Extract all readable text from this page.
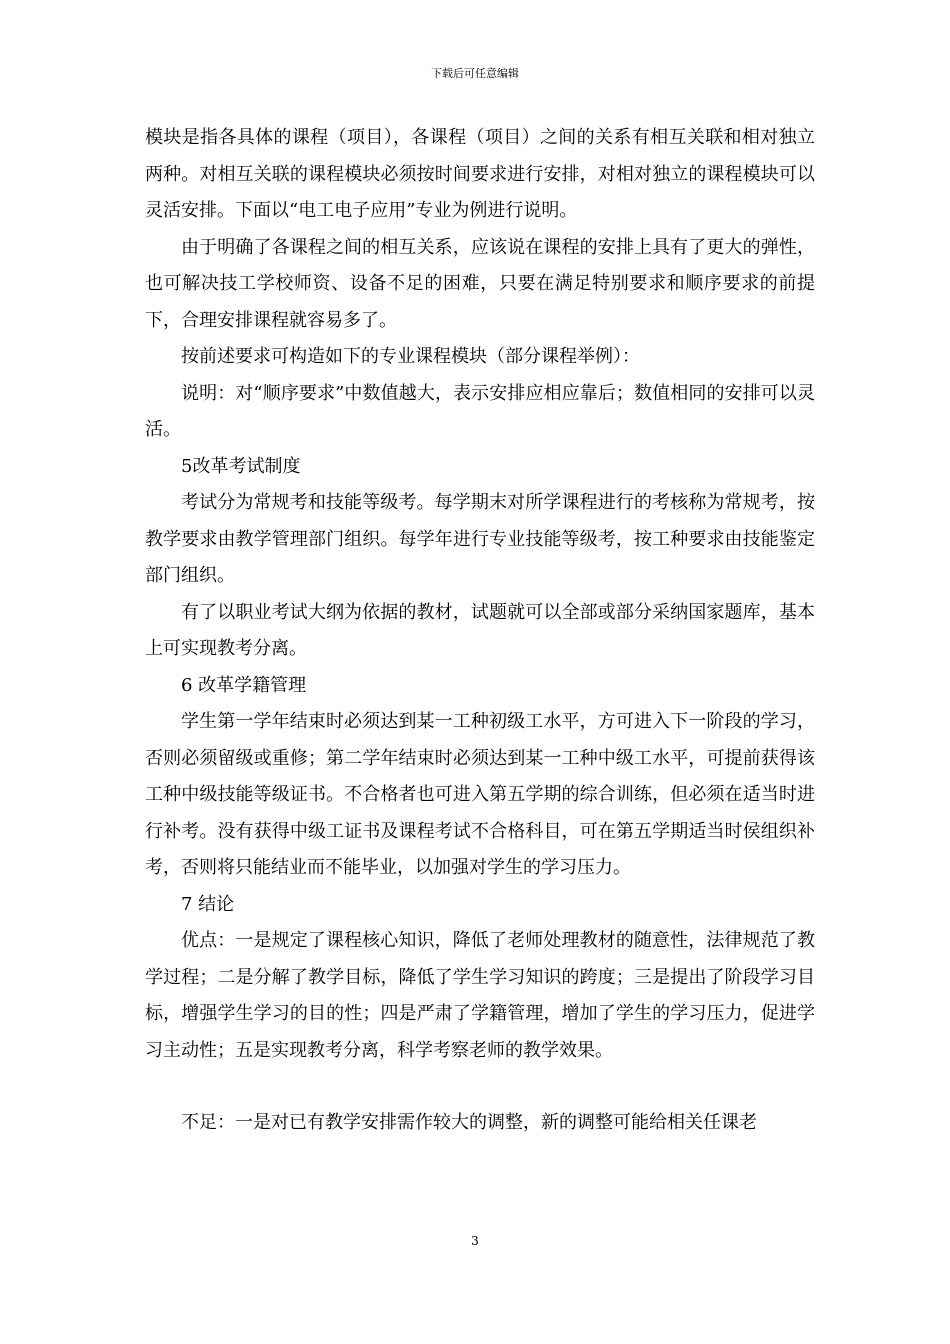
下载后可任意编辑

模块是指各具体的课程（项目），各课程（项目）之间的关系有相互关联和相对独立两种。对相互关联的课程模块必须按时间要求进行安排，对相对独立的课程模块可以灵活安排。下面以“电工电子应用”专业为例进行说明。

由于明确了各课程之间的相互关系，应该说在课程的安排上具有了更大的弹性，也可解决技工学校师资、设备不足的困难，只要在满足特别要求和顺序要求的前提下，合理安排课程就容易多了。

按前述要求可构造如下的专业课程模块（部分课程举例）：

说明：对“顺序要求”中数值越大，表示安排应相应靠后；数值相同的安排可以灵活。

5改革考试制度

考试分为常规考和技能等级考。每学期末对所学课程进行的考核称为常规考，按教学要求由教学管理部门组织。每学年进行专业技能等级考，按工种要求由技能鉴定部门组织。

有了以职业考试大纲为依据的教材，试题就可以全部或部分采纳国家题库，基本上可实现教考分离。

6 改革学籍管理

学生第一学年结束时必须达到某一工种初级工水平，方可进入下一阶段的学习，否则必须留级或重修；第二学年结束时必须达到某一工种中级工水平，可提前获得该工种中级技能等级证书。不合格者也可进入第五学期的综合训练，但必须在适当时进行补考。没有获得中级工证书及课程考试不合格科目，可在第五学期适当时侯组织补考，否则将只能结业而不能毕业，以加强对学生的学习压力。

7 结论

优点：一是规定了课程核心知识，降低了老师处理教材的随意性，法律规范了教学过程；二是分解了教学目标，降低了学生学习知识的跨度；三是提出了阶段学习目标，增强学生学习的目的性；四是严肃了学籍管理，增加了学生的学习压力，促进学习主动性；五是实现教考分离，科学考察老师的教学效果。

不足：一是对已有教学安排需作较大的调整，新的调整可能给相关任课老

3
